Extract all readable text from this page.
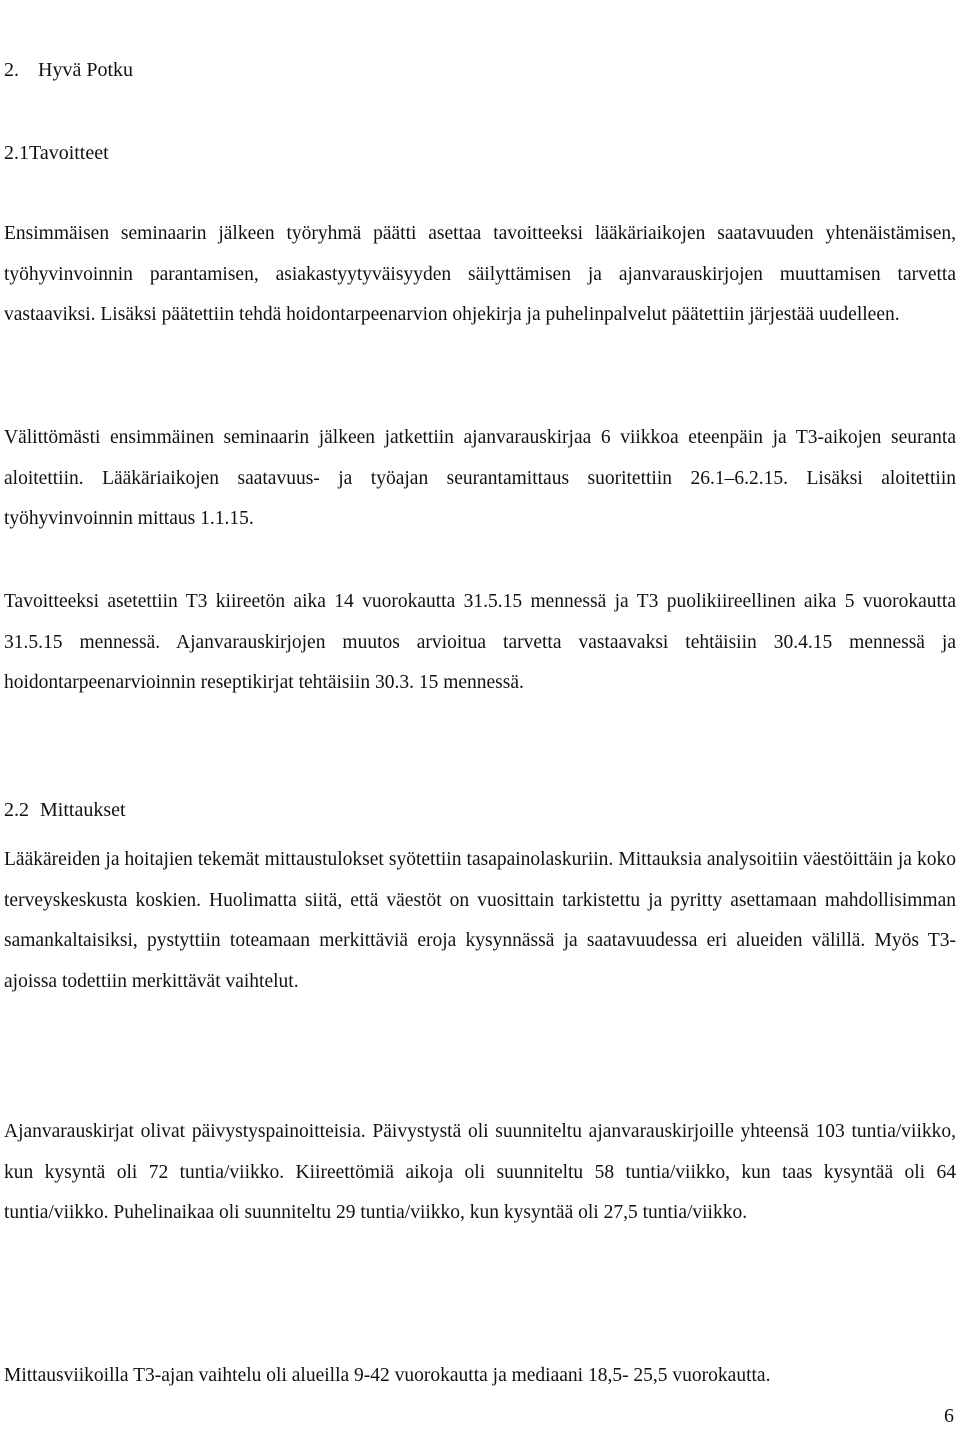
2. Hyvä Potku
2.1Tavoitteet

Ensimmäisen seminaarin jälkeen työryhmä päätti asettaa tavoitteeksi lääkäriaikojen saatavuuden yhtenäistämisen, työhyvinvoinnin parantamisen, asiakastyytyväisyyden säilyttämisen ja ajanvarauskirjojen muuttamisen tarvetta vastaaviksi. Lisäksi päätettiin tehdä hoidontarpeenarvion ohjekirja ja puhelinpalvelut päätettiin järjestää uudelleen.

Välittömästi ensimmäinen seminaarin jälkeen jatkettiin ajanvarauskirjaa 6 viikkoa eteenpäin ja T3-aikojen seuranta aloitettiin. Lääkäriaikojen saatavuus- ja työajan seurantamittaus suoritettiin 26.1–6.2.15. Lisäksi aloitettiin työhyvinvoinnin mittaus 1.1.15.

Tavoitteeksi asetettiin T3 kiireetön aika 14 vuorokautta 31.5.15 mennessä ja T3 puolikiireellinen aika 5 vuorokautta 31.5.15 mennessä. Ajanvarauskirjojen muutos arvioitua tarvetta vastaavaksi tehtäisiin 30.4.15 mennessä ja hoidontarpeenarvioinnin reseptikirjat tehtäisiin 30.3. 15 mennessä.

2.2 Mittaukset

Lääkäreiden ja hoitajien tekemät mittaustulokset syötettiin tasapainolaskuriin. Mittauksia analysoitiin väestöittäin ja koko terveyskeskusta koskien. Huolimatta siitä, että väestöt on vuosittain tarkistettu ja pyritty asettamaan mahdollisimman samankaltaisiksi, pystyttiin toteamaan merkittäviä eroja kysynnässä ja saatavuudessa eri alueiden välillä. Myös T3-ajoissa todettiin merkittävät vaihtelut.

Ajanvarauskirjat olivat päivystyspainoitteisia. Päivystystä oli suunniteltu ajanvarauskirjoille yhteensä 103 tuntia/viikko, kun kysyntä oli 72 tuntia/viikko. Kiireettömiä aikoja oli suunniteltu 58 tuntia/viikko, kun taas kysyntää oli 64 tuntia/viikko. Puhelinaikaa oli suunniteltu 29 tuntia/viikko, kun kysyntää oli 27,5 tuntia/viikko.

Mittausviikoilla T3-ajan vaihtelu oli alueilla 9-42 vuorokautta ja mediaani 18,5- 25,5 vuorokautta.

6
